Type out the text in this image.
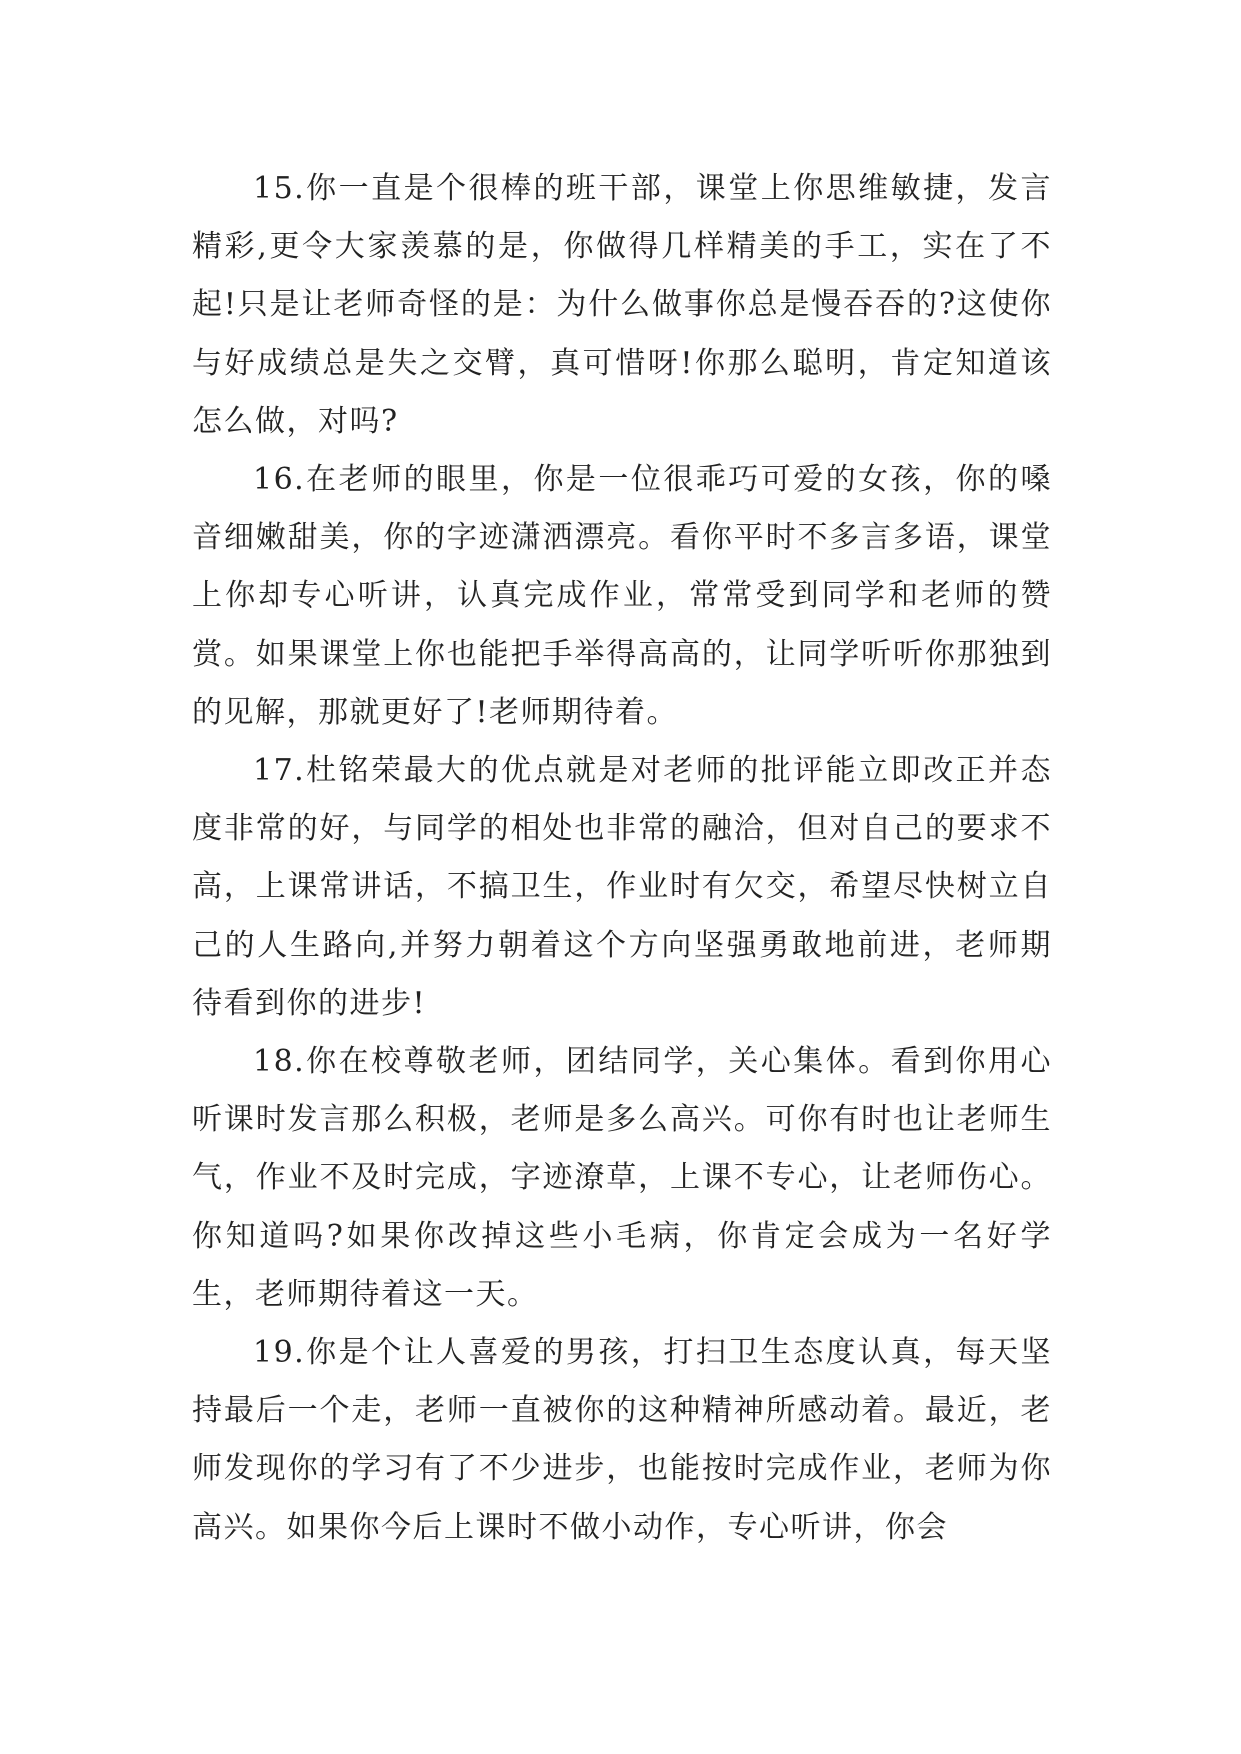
15.你一直是个很棒的班干部，课堂上你思维敏捷，发言精彩,更令大家羡慕的是，你做得几样精美的手工，实在了不起!只是让老师奇怪的是：为什么做事你总是慢吞吞的?这使你与好成绩总是失之交臂，真可惜呀!你那么聪明，肯定知道该怎么做，对吗?

16.在老师的眼里，你是一位很乖巧可爱的女孩，你的嗓音细嫩甜美，你的字迹潇洒漂亮。看你平时不多言多语，课堂上你却专心听讲，认真完成作业，常常受到同学和老师的赞赏。如果课堂上你也能把手举得高高的，让同学听听你那独到的见解，那就更好了!老师期待着。

17.杜铭荣最大的优点就是对老师的批评能立即改正并态度非常的好，与同学的相处也非常的融洽，但对自己的要求不高，上课常讲话，不搞卫生，作业时有欠交，希望尽快树立自己的人生路向,并努力朝着这个方向坚强勇敢地前进，老师期待看到你的进步!

18.你在校尊敬老师，团结同学，关心集体。看到你用心听课时发言那么积极，老师是多么高兴。可你有时也让老师生气，作业不及时完成，字迹潦草，上课不专心，让老师伤心。你知道吗?如果你改掉这些小毛病，你肯定会成为一名好学生，老师期待着这一天。

19.你是个让人喜爱的男孩，打扫卫生态度认真，每天坚持最后一个走，老师一直被你的这种精神所感动着。最近，老师发现你的学习有了不少进步，也能按时完成作业，老师为你高兴。如果你今后上课时不做小动作，专心听讲，你会
